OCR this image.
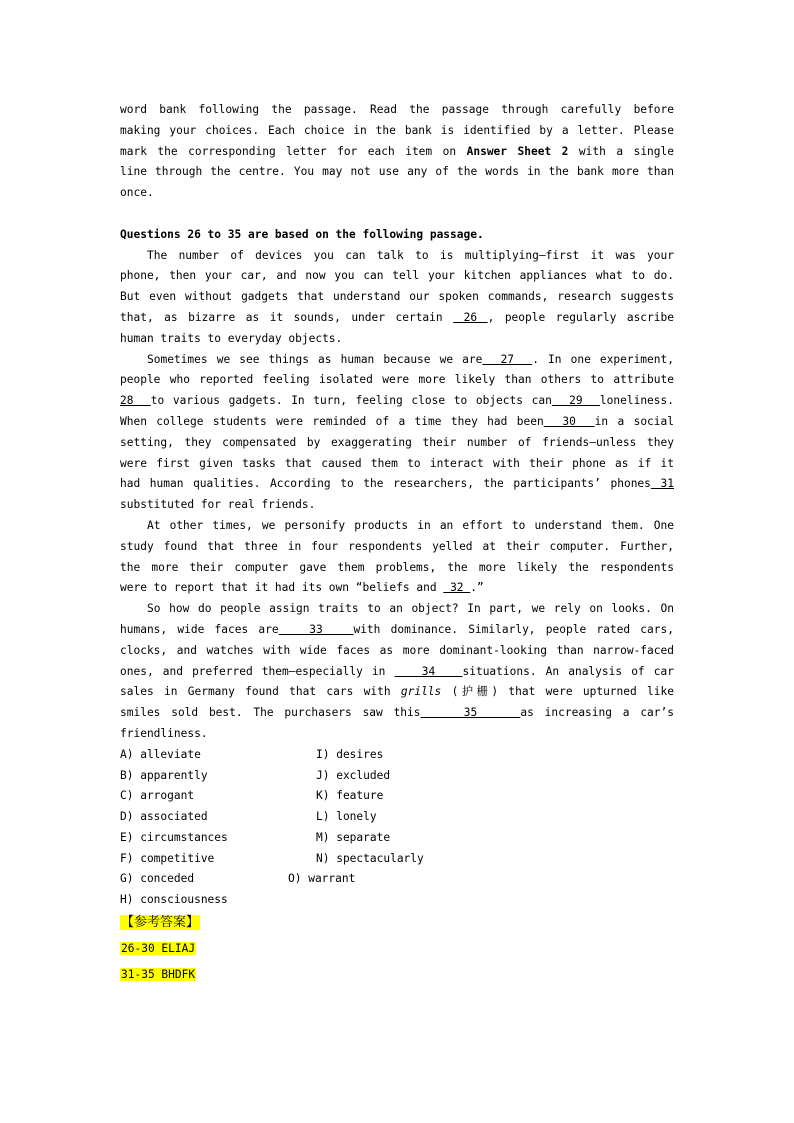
word bank following the passage. Read the passage through carefully before
making your choices. Each choice in the bank is identified by a letter. Please
mark the corresponding letter for each item on Answer Sheet 2 with a single
line through the centre. You may not use any of the words in the bank more than
once.
Questions 26 to 35 are based on the following passage.
The number of devices you can talk to is multiplying—first it was your
phone, then your car, and now you can tell your kitchen appliances what to do.
But even without gadgets that understand our spoken commands, research suggests
that, as bizarre as it sounds, under certain  26 , people regularly ascribe
human traits to everyday objects.
Sometimes we see things as human because we are  27  . In one experiment,
people who reported feeling isolated were more likely than others to attribute
28  to various gadgets. In turn, feeling close to objects can  29  loneliness.
When college students were reminded of a time they had been  30  in a social
setting, they compensated by exaggerating their number of friends—unless they
were first given tasks that caused them to interact with their phone as if it
had human qualities. According to the researchers, the participants’ phones 31
substituted for real friends.
At other times, we personify products in an effort to understand them. One
study found that three in four respondents yelled at their computer. Further,
the more their computer gave them problems, the more likely the respondents
were to report that it had its own “beliefs and  32 .”
So how do people assign traits to an object? In part, we rely on looks. On
humans, wide faces are   33   with dominance. Similarly, people rated cars,
clocks, and watches with wide faces as more dominant-looking than narrow-faced
ones, and preferred them—especially in    34   situations. An analysis of car
sales in Germany found that cars with grills (护栅) that were upturned like
smiles sold best. The purchasers saw this    35    as increasing a car’s
friendliness.
A) alleviate	I) desires
B) apparently	J) excluded
C) arrogant	K) feature
D) associated	L) lonely
E) circumstances	M) separate
F) competitive	N) spectacularly
G) conceded	O) warrant
H) consciousness
【参考答案】
26-30 ELIAJ
31-35 BHDFK
